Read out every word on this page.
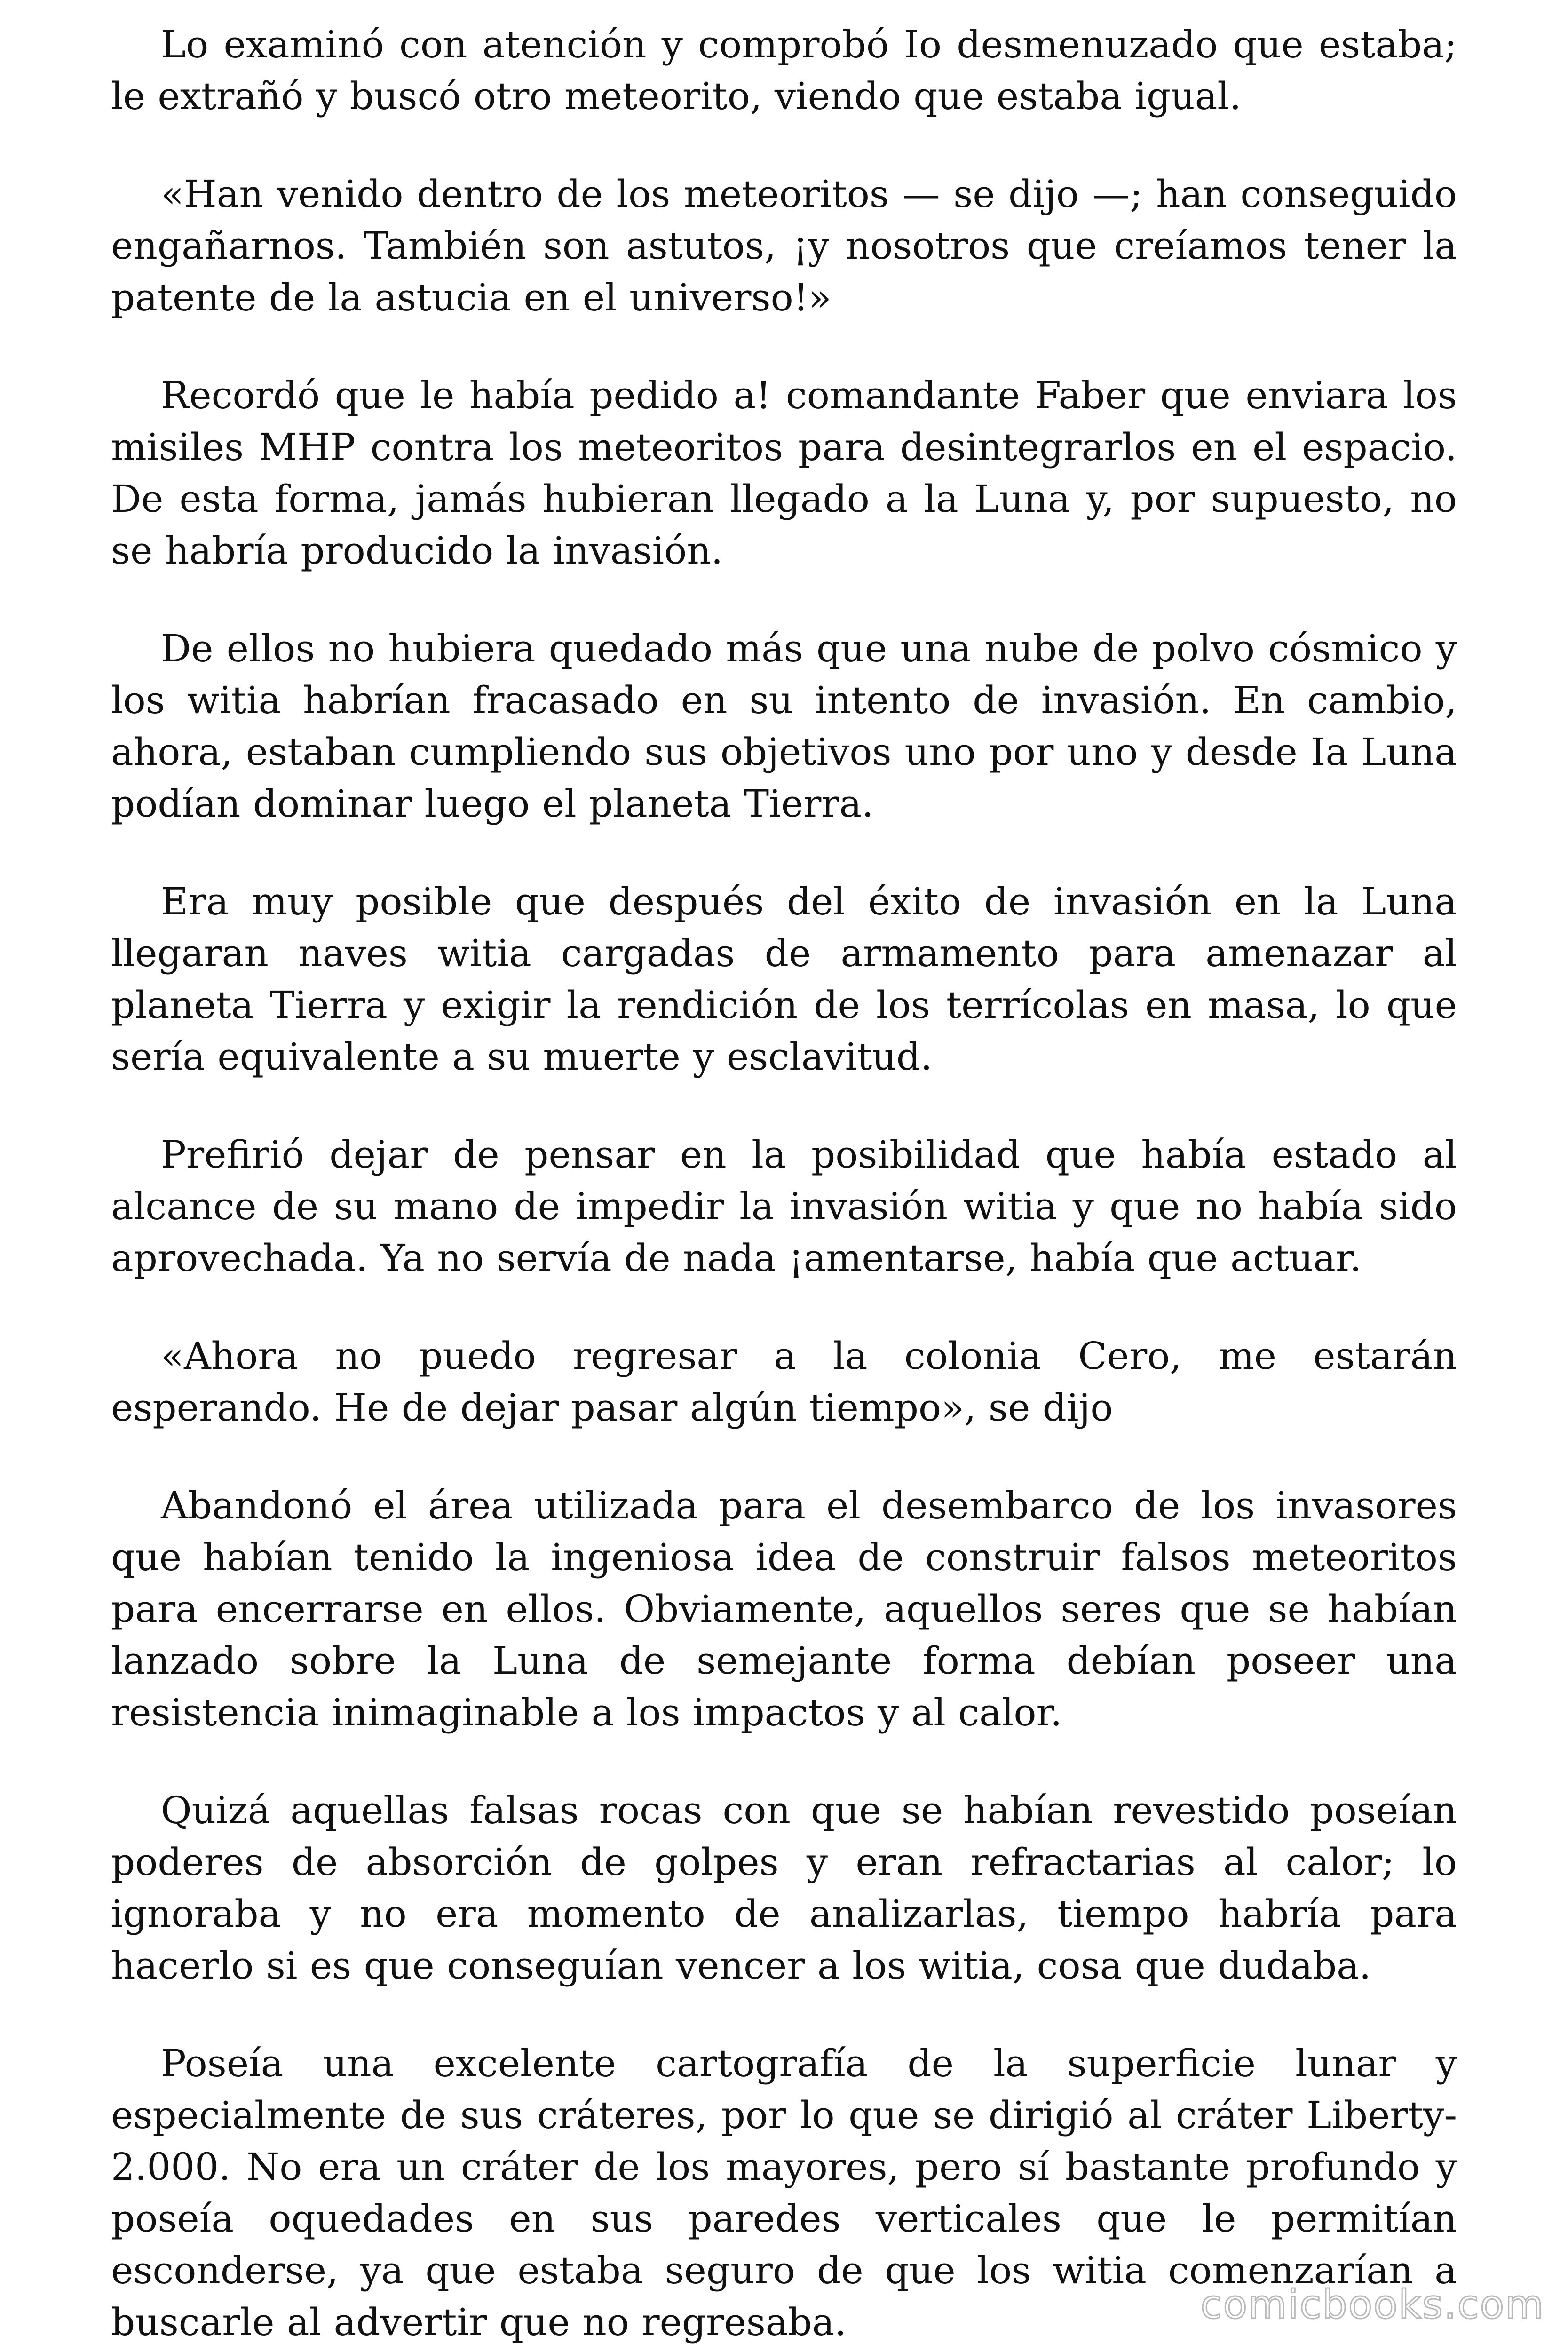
Lo examinó con atención y comprobó Io desmenuzado que estaba; le extrañó y buscó otro meteorito, viendo que estaba igual.

«Han venido dentro de los meteoritos — se dijo —; han conseguido engañarnos. También son astutos, ¡y nosotros que creíamos tener la patente de la astucia en el universo!»

Recordó que le había pedido a! comandante Faber que enviara los misiles MHP contra los meteoritos para desintegrarlos en el espacio. De esta forma, jamás hubieran llegado a la Luna y, por supuesto, no se habría producido la invasión.

De ellos no hubiera quedado más que una nube de polvo cósmico y los witia habrían fracasado en su intento de invasión. En cambio, ahora, estaban cumpliendo sus objetivos uno por uno y desde Ia Luna podían dominar luego el planeta Tierra.

Era muy posible que después del éxito de invasión en la Luna llegaran naves witia cargadas de armamento para amenazar al planeta Tierra y exigir la rendición de los terrícolas en masa, lo que sería equivalente a su muerte y esclavitud.

Prefirió dejar de pensar en la posibilidad que había estado al alcance de su mano de impedir la invasión witia y que no había sido aprovechada. Ya no servía de nada ¡amentarse, había que actuar.

«Ahora no puedo regresar a la colonia Cero, me estarán esperando. He de dejar pasar algún tiempo», se dijo

Abandonó el área utilizada para el desembarco de los invasores que habían tenido la ingeniosa idea de construir falsos meteoritos para encerrarse en ellos. Obviamente, aquellos seres que se habían lanzado sobre la Luna de semejante forma debían poseer una resistencia inimaginable a los impactos y al calor.

Quizá aquellas falsas rocas con que se habían revestido poseían poderes de absorción de golpes y eran refractarias al calor; lo ignoraba y no era momento de analizarlas, tiempo habría para hacerlo si es que conseguían vencer a los witia, cosa que dudaba.

Poseía una excelente cartografía de la superficie lunar y especialmente de sus cráteres, por lo que se dirigió al cráter Liberty-2.000. No era un cráter de los mayores, pero sí bastante profundo y poseía oquedades en sus paredes verticales que le permitían esconderse, ya que estaba seguro de que los witia comenzarían a buscarle al advertir que no regresaba.	comicbooks.com
